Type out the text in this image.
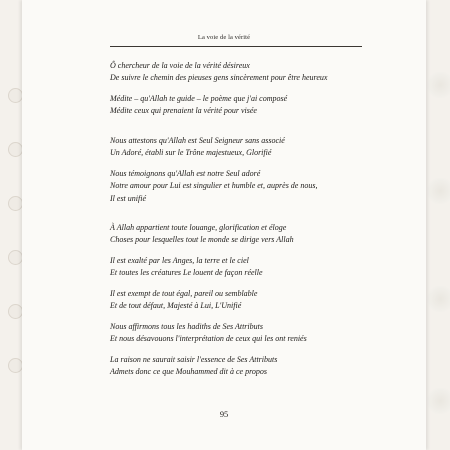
La voie de la vérité
Ô chercheur de la voie de la vérité désireux
De suivre le chemin des pieuses gens sincèrement pour être heureux
Médite – qu'Allah te guide – le poème que j'ai composé
Médite ceux qui prenaient la vérité pour visée
Nous attestons qu'Allah est Seul Seigneur sans associé
Un Adoré, établi sur le Trône majestueux, Glorifié
Nous témoignons qu'Allah est notre Seul adoré
Notre amour pour Lui est singulier et humble et, auprès de nous,
Il est unifié
À Allah appartient toute louange, glorification et éloge
Choses pour lesquelles tout le monde se dirige vers Allah
Il est exalté par les Anges, la terre et le ciel
Et toutes les créatures Le louent de façon réelle
Il est exempt de tout égal, pareil ou semblable
Et de tout défaut, Majesté à Lui, L'Unifié
Nous affirmons tous les hadiths de Ses Attributs
Et nous désavouons l'interprétation de ceux qui les ont reniés
La raison ne saurait saisir l'essence de Ses Attributs
Admets donc ce que Mouhammed dit à ce propos
95
